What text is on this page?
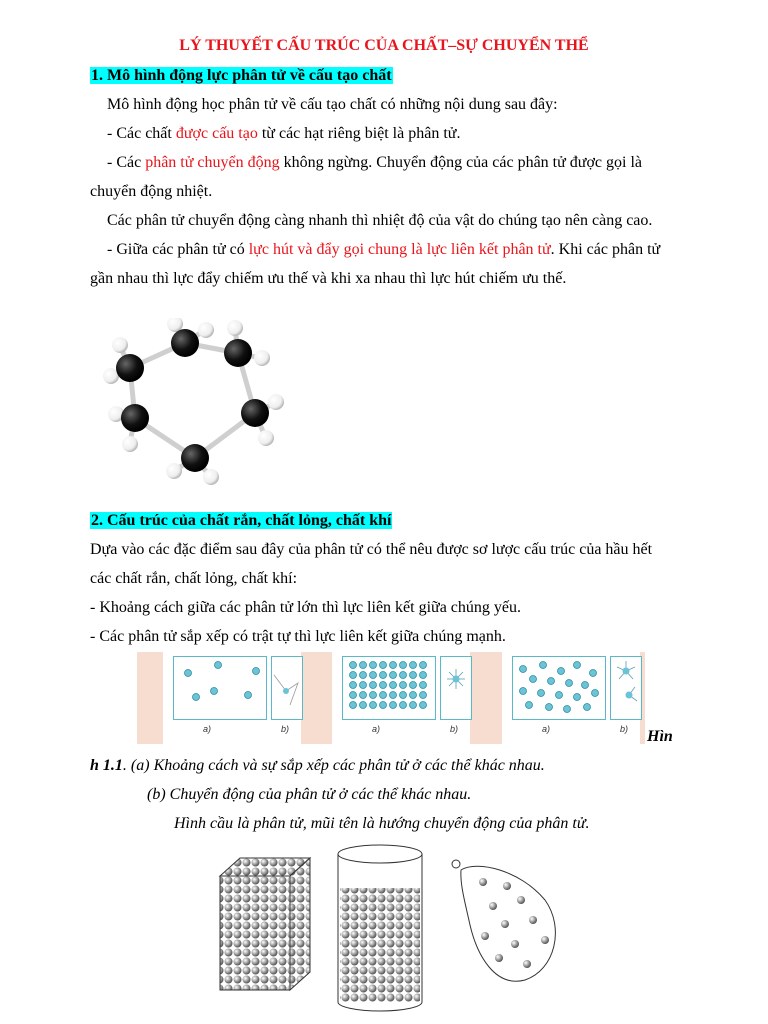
LÝ THUYẾT CẤU TRÚC CỦA CHẤT–SỰ CHUYỂN THỂ
1. Mô hình động lực phân tử về cấu tạo chất
Mô hình động học phân tử về cấu tạo chất có những nội dung sau đây:
- Các chất được cấu tạo từ các hạt riêng biệt là phân tử.
- Các phân tử chuyển động không ngừng. Chuyển động của các phân tử được gọi là
chuyển động nhiệt.
Các phân tử chuyển động càng nhanh thì nhiệt độ của vật do chúng tạo nên càng cao.
- Giữa các phân tử có lực hút và đẩy gọi chung là lực liên kết phân tử. Khi các phân tử
gần nhau thì lực đẩy chiếm ưu thế và khi xa nhau thì lực hút chiếm ưu thế.
2. Cấu trúc của chất rắn, chất lỏng, chất khí
Dựa vào các đặc điểm sau đây của phân tử có thể nêu được sơ lược cấu trúc của hầu hết
các chất rắn, chất lỏng, chất khí:
- Khoảng cách giữa các phân tử lớn thì lực liên kết giữa chúng yếu.
- Các phân tử sắp xếp có trật tự thì lực liên kết giữa chúng mạnh.
a)	b)	a)	b)	a)	b) Hìn
h 1.1. (a) Khoảng cách và sự sắp xếp các phân tử ở các thể khác nhau.
(b) Chuyển động của phân tử ở các thể khác nhau.
Hình cầu là phân tử, mũi tên là hướng chuyển động của phân tử.
